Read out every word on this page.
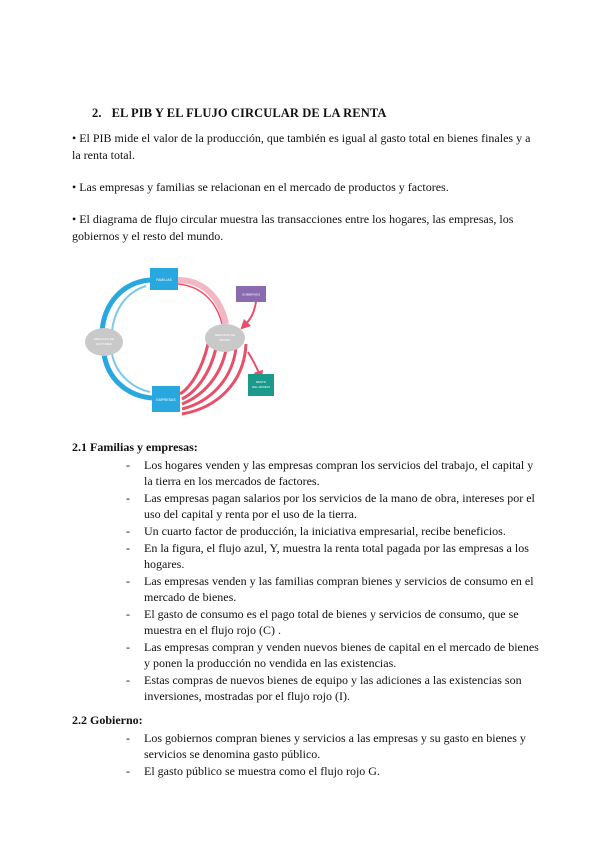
2. EL PIB Y EL FLUJO CIRCULAR DE LA RENTA
• El PIB mide el valor de la producción, que también es igual al gasto total en bienes finales y a la renta total.
• Las empresas y familias se relacionan en el mercado de productos y factores.
• El diagrama de flujo circular muestra las transacciones entre los hogares, las empresas, los gobiernos y el resto del mundo.
FAMILIAS
EMPRESAS
MERCADO DE
FACTORES
MERCADO DE
BIENES
GOBIERNOS
RESTO
DEL MUNDO
2.1 Familias y empresas:
- Los hogares venden y las empresas compran los servicios del trabajo, el capital y la tierra en los mercados de factores.
- Las empresas pagan salarios por los servicios de la mano de obra, intereses por el uso del capital y renta por el uso de la tierra.
- Un cuarto factor de producción, la iniciativa empresarial, recibe beneficios.
- En la figura, el flujo azul, Y, muestra la renta total pagada por las empresas a los hogares.
- Las empresas venden y las familias compran bienes y servicios de consumo en el mercado de bienes.
- El gasto de consumo es el pago total de bienes y servicios de consumo, que se muestra en el flujo rojo (C) .
- Las empresas compran y venden nuevos bienes de capital en el mercado de bienes y ponen la producción no vendida en las existencias.
- Estas compras de nuevos bienes de equipo y las adiciones a las existencias son inversiones, mostradas por el flujo rojo (I).
2.2 Gobierno:
- Los gobiernos compran bienes y servicios a las empresas y su gasto en bienes y servicios se denomina gasto público.
- El gasto público se muestra como el flujo rojo G.
